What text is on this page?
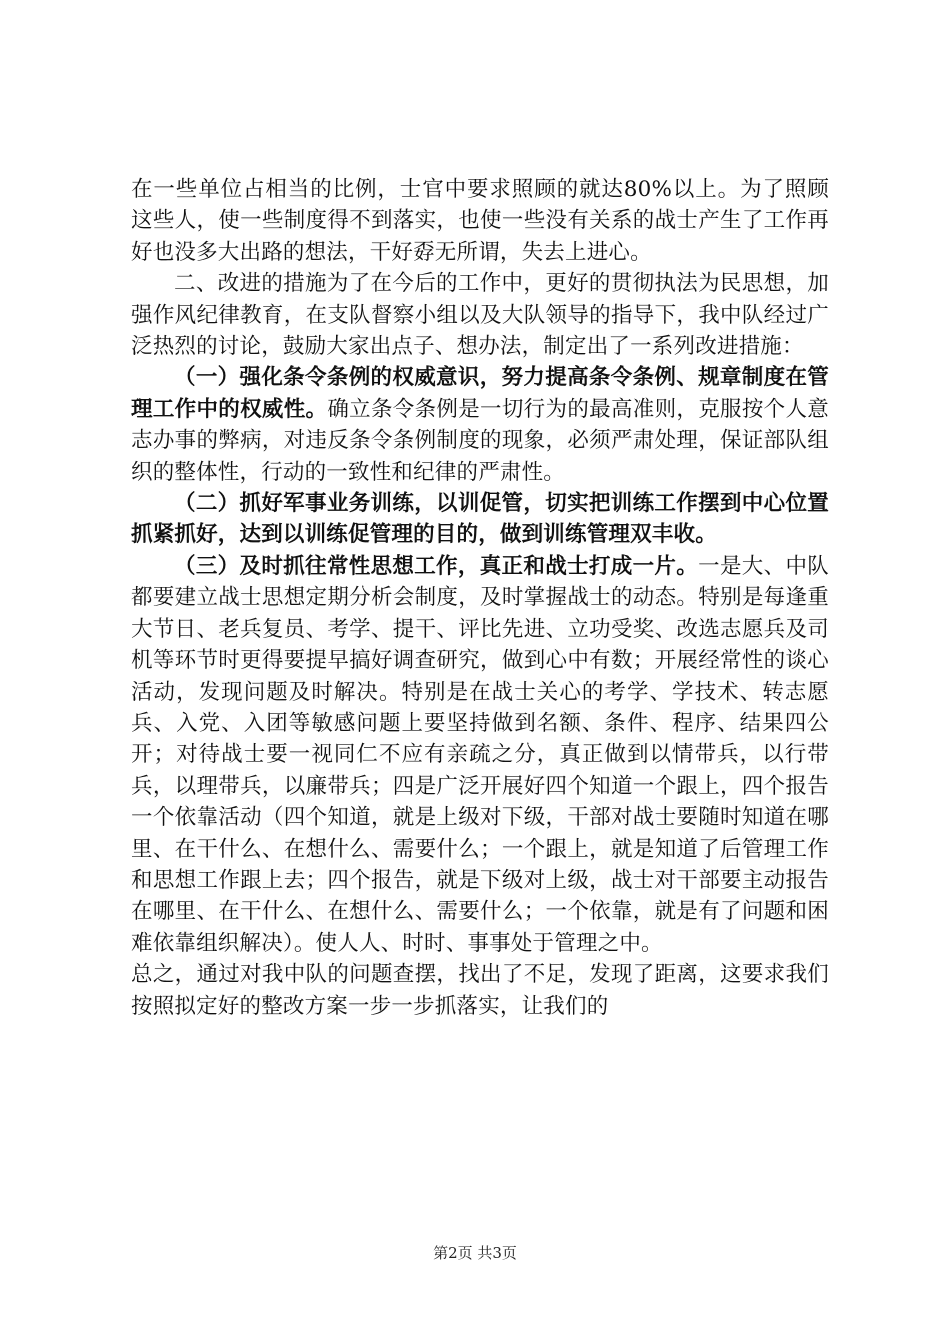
在一些单位占相当的比例，士官中要求照顾的就达80%以上。为了照顾这些人，使一些制度得不到落实，也使一些没有关系的战士产生了工作再好也没多大出路的想法，干好孬无所谓，失去上进心。

二、改进的措施为了在今后的工作中，更好的贯彻执法为民思想，加强作风纪律教育，在支队督察小组以及大队领导的指导下，我中队经过广泛热烈的讨论，鼓励大家出点子、想办法，制定出了一系列改进措施：

（一）强化条令条例的权威意识，努力提高条令条例、规章制度在管理工作中的权威性。确立条令条例是一切行为的最高准则，克服按个人意志办事的弊病，对违反条令条例制度的现象，必须严肃处理，保证部队组织的整体性，行动的一致性和纪律的严肃性。

（二）抓好军事业务训练，以训促管，切实把训练工作摆到中心位置抓紧抓好，达到以训练促管理的目的，做到训练管理双丰收。

（三）及时抓往常性思想工作，真正和战士打成一片。一是大、中队都要建立战士思想定期分析会制度，及时掌握战士的动态。特别是每逢重大节日、老兵复员、考学、提干、评比先进、立功受奖、改选志愿兵及司机等环节时更得要提早搞好调查研究，做到心中有数；开展经常性的谈心活动，发现问题及时解决。特别是在战士关心的考学、学技术、转志愿兵、入党、入团等敏感问题上要坚持做到名额、条件、程序、结果四公开；对待战士要一视同仁不应有亲疏之分，真正做到以情带兵，以行带兵，以理带兵，以廉带兵；四是广泛开展好四个知道一个跟上，四个报告一个依靠活动（四个知道，就是上级对下级，干部对战士要随时知道在哪里、在干什么、在想什么、需要什么；一个跟上，就是知道了后管理工作和思想工作跟上去；四个报告，就是下级对上级，战士对干部要主动报告在哪里、在干什么、在想什么、需要什么；一个依靠，就是有了问题和困难依靠组织解决）。使人人、时时、事事处于管理之中。

总之，通过对我中队的问题查摆，找出了不足，发现了距离，这要求我们按照拟定好的整改方案一步一步抓落实，让我们的

第2页 共3页
